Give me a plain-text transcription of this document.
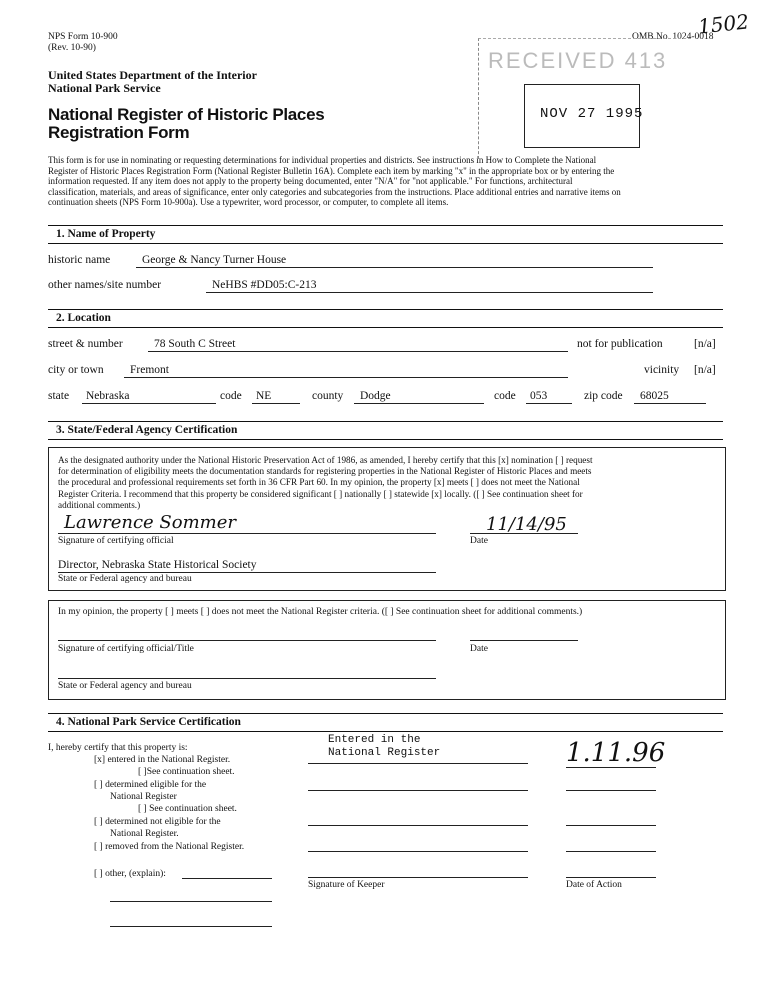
NPS Form 10-900
(Rev. 10-90)
OMB No. 1024-0018
1502
United States Department of the Interior
National Park Service
National Register of Historic Places
Registration Form
RECEIVED 413
NOV 27 1995
This form is for use in nominating or requesting determinations for individual properties and districts. See instructions in How to Complete the National
Register of Historic Places Registration Form (National Register Bulletin 16A). Complete each item by marking "x" in the appropriate box or by entering the
information requested. If any item does not apply to the property being documented, enter "N/A" for "not applicable." For functions, architectural
classification, materials, and areas of significance, enter only categories and subcategories from the instructions. Place additional entries and narrative items on
continuation sheets (NPS Form 10-900a). Use a typewriter, word processor, or computer, to complete all items.
1. Name of Property
historic name	George & Nancy Turner House
other names/site number	NeHBS #DD05:C-213
2. Location
street & number	78 South C Street	not for publication	[n/a]
city or town Fremont	vicinity [n/a]
state Nebraska	code NE	county Dodge	code 053	zip code 68025
3. State/Federal Agency Certification
As the designated authority under the National Historic Preservation Act of 1986, as amended, I hereby certify that this [x] nomination [ ] request
for determination of eligibility meets the documentation standards for registering properties in the National Register of Historic Places and meets
the procedural and professional requirements set forth in 36 CFR Part 60. In my opinion, the property [x] meets [ ] does not meet the National
Register Criteria. I recommend that this property be considered significant [ ] nationally [ ] statewide [x] locally. ([ ] See continuation sheet for
additional comments.)
Lawrence Sommer
Signature of certifying official
11/14/95
Date
Director, Nebraska State Historical Society
State or Federal agency and bureau
In my opinion, the property [ ] meets [ ] does not meet the National Register criteria. ([ ] See continuation sheet for additional comments.)
Signature of certifying official/Title	Date
State or Federal agency and bureau
4. National Park Service Certification
I, hereby certify that this property is:
[x] entered in the National Register.
[ ]See continuation sheet.
[ ] determined eligible for the
National Register
[ ] See continuation sheet.
[ ] determined not eligible for the
National Register.
[ ] removed from the National Register.
[ ] other, (explain):
Entered in the
National Register	1.11.96
Signature of Keeper	Date of Action
